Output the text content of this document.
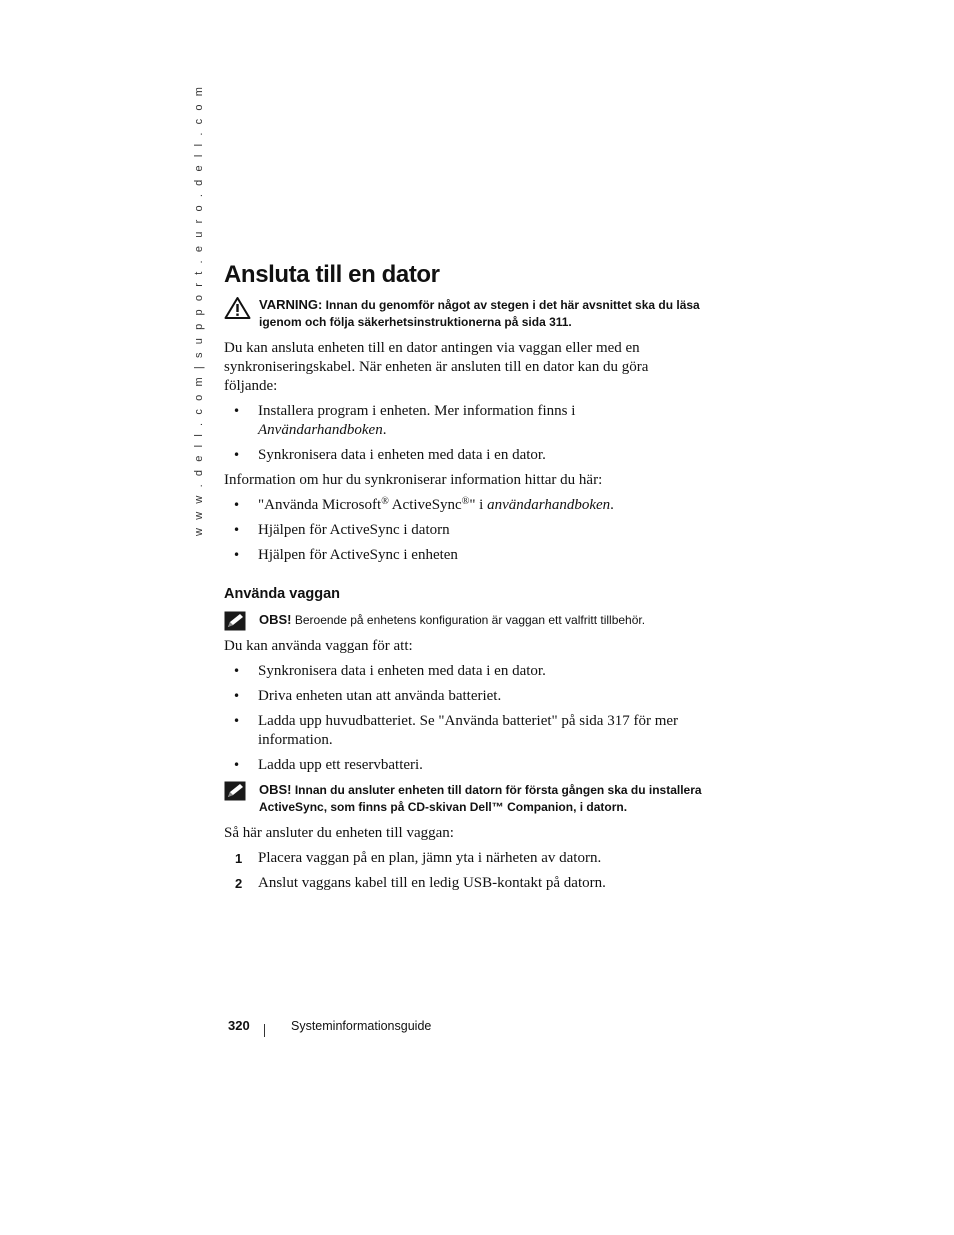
w w w . d e l l . c o m | s u p p o r t . e u r o . d e l l . c o m Ansluta till en dator
VARNING: Innan du genomför något av stegen i det här avsnittet ska du läsa igenom och följa säkerhetsinstruktionerna på sida 311.

Du kan ansluta enheten till en dator antingen via vaggan eller med en synkroniseringskabel. När enheten är ansluten till en dator kan du göra följande:

• Installera program i enheten. Mer information finns i Användarhandboken.
• Synkronisera data i enheten med data i en dator.

Information om hur du synkroniserar information hittar du här:

• "Använda Microsoft® ActiveSync®" i användarhandboken.
• Hjälpen för ActiveSync i datorn
• Hjälpen för ActiveSync i enheten
Använda vaggan
OBS! Beroende på enhetens konfiguration är vaggan ett valfritt tillbehör.

Du kan använda vaggan för att:

• Synkronisera data i enheten med data i en dator.
• Driva enheten utan att använda batteriet.
• Ladda upp huvudbatteriet. Se "Använda batteriet" på sida 317 för mer information.
• Ladda upp ett reservbatteri.
OBS! Innan du ansluter enheten till datorn för första gången ska du installera ActiveSync, som finns på CD-skivan Dell™ Companion, i datorn.

Så här ansluter du enheten till vaggan:

1 Placera vaggan på en plan, jämn yta i närheten av datorn.
2 Anslut vaggans kabel till en ledig USB-kontakt på datorn.
320	Systeminformationsguide
